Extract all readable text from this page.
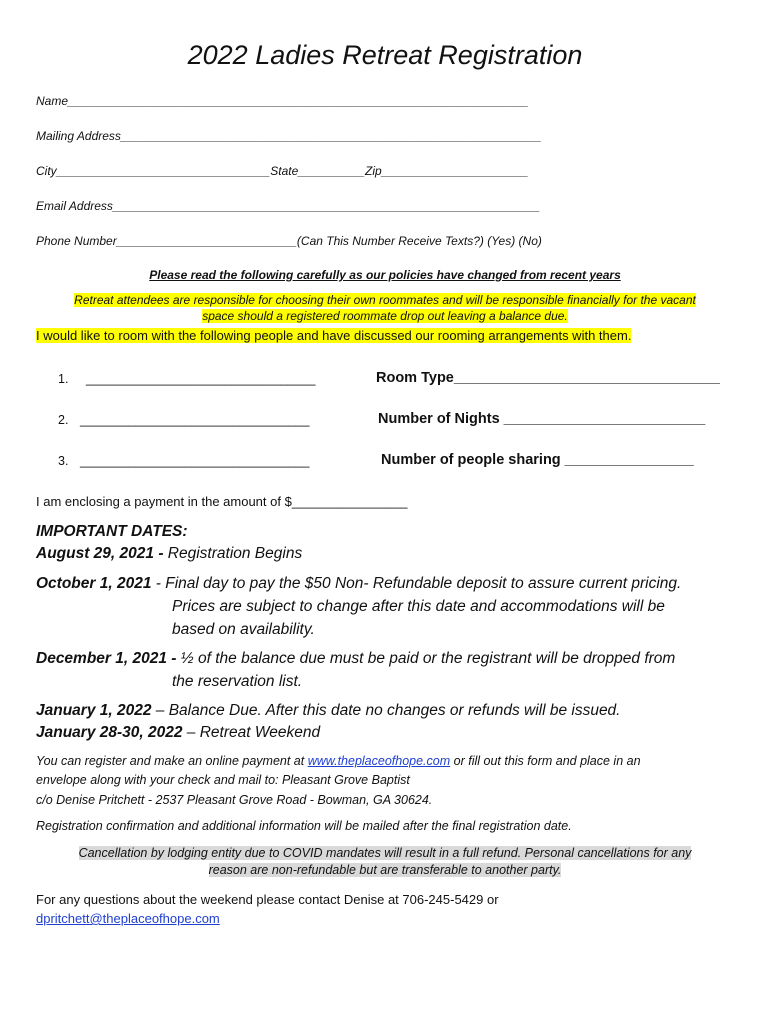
2022 Ladies Retreat Registration
Name_____________________________________________________________________
Mailing Address_______________________________________________________________
City________________________________State__________Zip______________________
Email Address________________________________________________________________
Phone Number___________________________(Can This Number Receive Texts?) (Yes) (No)
Please read the following carefully as our policies have changed from recent years
Retreat attendees are responsible for choosing their own roommates and will be responsible financially for the vacant
space should a registered roommate drop out leaving a balance due.
I would like to room with the following people and have discussed our rooming arrangements with them.
1. _________________________________
2. _________________________________
3. _________________________________
Room Type_________________________________
Number of Nights _________________________
Number of people sharing ________________
I am enclosing a payment in the amount of $________________
IMPORTANT DATES:
August 29, 2021 - Registration Begins
October 1, 2021 - Final day to pay the $50 Non- Refundable deposit to assure current pricing.
Prices are subject to change after this date and accommodations will be
based on availability.
December 1, 2021 - ½ of the balance due must be paid or the registrant will be dropped from
the reservation list.
January 1, 2022 – Balance Due. After this date no changes or refunds will be issued.
January 28-30, 2022 – Retreat Weekend
You can register and make an online payment at www.theplaceofhope.com or fill out this form and place in an
envelope along with your check and mail to: Pleasant Grove Baptist
c/o Denise Pritchett - 2537 Pleasant Grove Road - Bowman, GA 30624.
Registration confirmation and additional information will be mailed after the final registration date.
Cancellation by lodging entity due to COVID mandates will result in a full refund. Personal cancellations for any
reason are non-refundable but are transferable to another party.
For any questions about the weekend please contact Denise at 706-245-5429 or
dpritchett@theplaceofhope.com
